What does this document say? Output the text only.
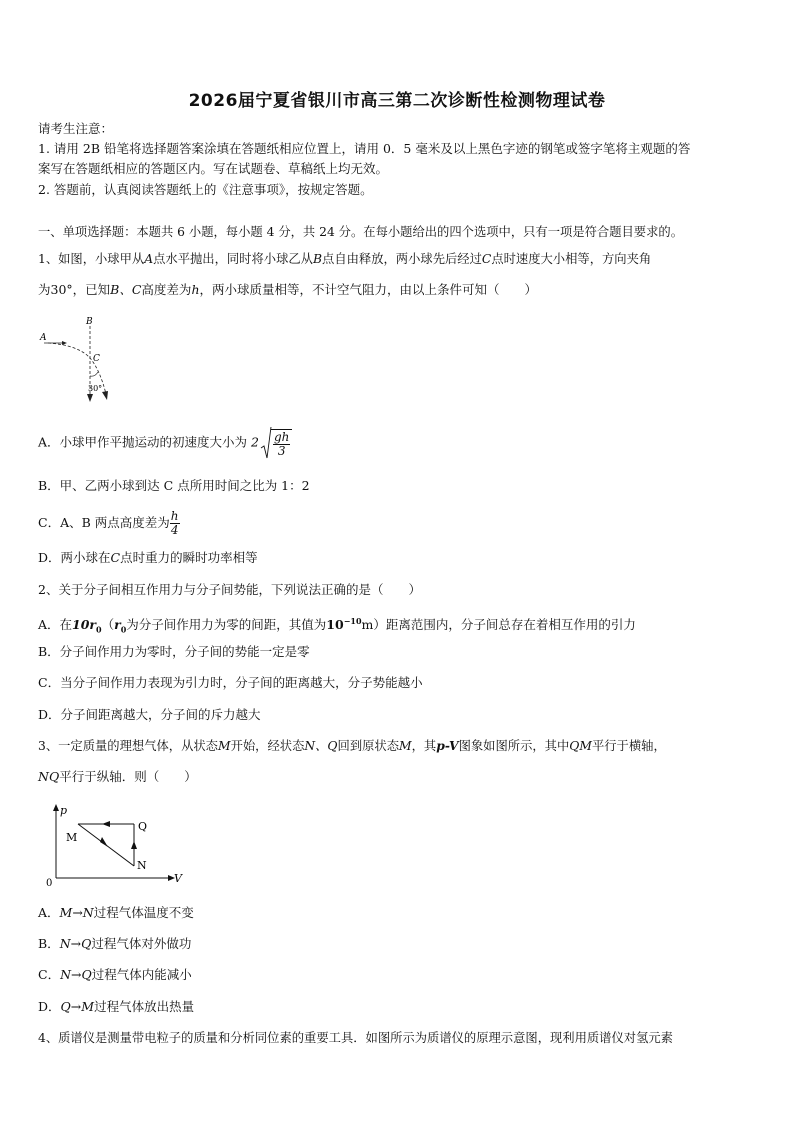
2026届宁夏省银川市高三第二次诊断性检测物理试卷
请考生注意：
1. 请用 2B 铅笔将选择题答案涂填在答题纸相应位置上，请用 0．5 毫米及以上黑色字迹的钢笔或签字笔将主观题的答
案写在答题纸相应的答题区内。写在试题卷、草稿纸上均无效。
2. 答题前，认真阅读答题纸上的《注意事项》，按规定答题。
一、单项选择题：本题共 6 小题，每小题 4 分，共 24 分。在每小题给出的四个选项中，只有一项是符合题目要求的。
1、如图，小球甲从A点水平抛出，同时将小球乙从B点自由释放，两小球先后经过C点时速度大小相等，方向夹角
为30°，已知B、C高度差为h，两小球质量相等，不计空气阻力，由以上条件可知（　　）
A
B
C
30°
A．小球甲作平抛运动的初速度大小为 $2 \frac{gh}{3}$
B．甲、乙两小球到达 C 点所用时间之比为 1：2
C．A、B 两点高度差为 $\frac{h}{4}$
D．两小球在C点时重力的瞬时功率相等
2、关于分子间相互作用力与分子间势能，下列说法正确的是（　　）
A．在$10r_0(r_0$为分子间作用力为零的间距，其值为$10^{-10}m$）距离范围内，分子间总存在着相互作用的引力
B．分子间作用力为零时，分子间的势能一定是零
C．当分子间作用力表现为引力时，分子间的距离越大，分子势能越小
D．分子间距离越大，分子间的斥力越大
3、一定质量的理想气体，从状态M开始，经状态N、Q回到原状态M，其p-V图象如图所示，其中QM平行于横轴，
NQ平行于纵轴．则（　　）
p
V
0
M
Q
N
A．M→N过程气体温度不变
B．N→Q过程气体对外做功
C．N→Q过程气体内能减小
D．Q→M过程气体放出热量
4、质谱仪是测量带电粒子的质量和分析同位素的重要工具．如图所示为质谱仪的原理示意图，现利用质谱仪对氢元素
